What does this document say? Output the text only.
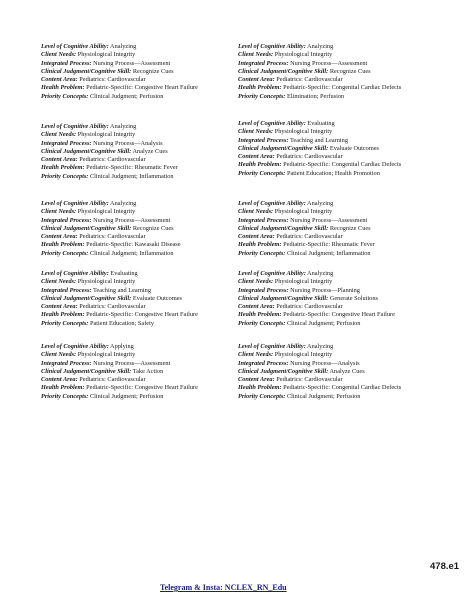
Level of Cognitive Ability: Analyzing
Client Needs: Physiological Integrity
Integrated Process: Nursing Process—Assessment
Clinical Judgment/Cognitive Skill: Recognize Cues
Content Area: Pediatrics: Cardiovascular
Health Problem: Pediatric-Specific: Congestive Heart Failure
Priority Concepts: Clinical Judgment; Perfusion
Level of Cognitive Ability: Analyzing
Client Needs: Physiological Integrity
Integrated Process: Nursing Process—Analysis
Clinical Judgment/Cognitive Skill: Analyze Cues
Content Area: Pediatrics: Cardiovascular
Health Problem: Pediatric-Specific: Rheumatic Fever
Priority Concepts: Clinical Judgment; Inflammation
Level of Cognitive Ability: Analyzing
Client Needs: Physiological Integrity
Integrated Process: Nursing Process—Assessment
Clinical Judgment/Cognitive Skill: Recognize Cues
Content Area: Pediatrics: Cardiovascular
Health Problem: Pediatric-Specific: Kawasaki Disease
Priority Concepts: Clinical Judgment; Inflammation
Level of Cognitive Ability: Evaluating
Client Needs: Physiological Integrity
Integrated Process: Teaching and Learning
Clinical Judgment/Cognitive Skill: Evaluate Outcomes
Content Area: Pediatrics: Cardiovascular
Health Problem: Pediatric-Specific: Congestive Heart Failure
Priority Concepts: Patient Education; Safety
Level of Cognitive Ability: Applying
Client Needs: Physiological Integrity
Integrated Process: Nursing Process—Assessment
Clinical Judgment/Cognitive Skill: Take Action
Content Area: Pediatrics: Cardiovascular
Health Problem: Pediatric-Specific: Congestive Heart Failure
Priority Concepts: Clinical Judgment; Perfusion
Level of Cognitive Ability: Analyzing
Client Needs: Physiological Integrity
Integrated Process: Nursing Process—Assessment
Clinical Judgment/Cognitive Skill: Recognize Cues
Content Area: Pediatrics: Cardiovascular
Health Problem: Pediatric-Specific: Congenital Cardiac Defects
Priority Concepts: Elimination; Perfusion
Level of Cognitive Ability: Evaluating
Client Needs: Physiological Integrity
Integrated Process: Teaching and Learning
Clinical Judgment/Cognitive Skill: Evaluate Outcomes
Content Area: Pediatrics: Cardiovascular
Health Problem: Pediatric-Specific: Congenital Cardiac Defects
Priority Concepts: Patient Education; Health Promotion
Level of Cognitive Ability: Analyzing
Client Needs: Physiological Integrity
Integrated Process: Nursing Process—Assessment
Clinical Judgment/Cognitive Skill: Recognize Cues
Content Area: Pediatrics: Cardiovascular
Health Problem: Pediatric-Specific: Rheumatic Fever
Priority Concepts: Clinical Judgment; Inflammation
Level of Cognitive Ability: Analyzing
Client Needs: Physiological Integrity
Integrated Process: Nursing Process—Planning
Clinical Judgment/Cognitive Skill: Generate Solutions
Content Area: Pediatrics: Cardiovascular
Health Problem: Pediatric-Specific: Congestive Heart Failure
Priority Concepts: Clinical Judgment; Perfusion
Level of Cognitive Ability: Analyzing
Client Needs: Physiological Integrity
Integrated Process: Nursing Process—Analysis
Clinical Judgment/Cognitive Skill: Analyze Cues
Content Area: Pediatrics: Cardiovascular
Health Problem: Pediatric-Specific: Congenital Cardiac Defects
Priority Concepts: Clinical Judgment; Perfusion
478.e1
Telegram & Insta: NCLEX_RN_Edu
